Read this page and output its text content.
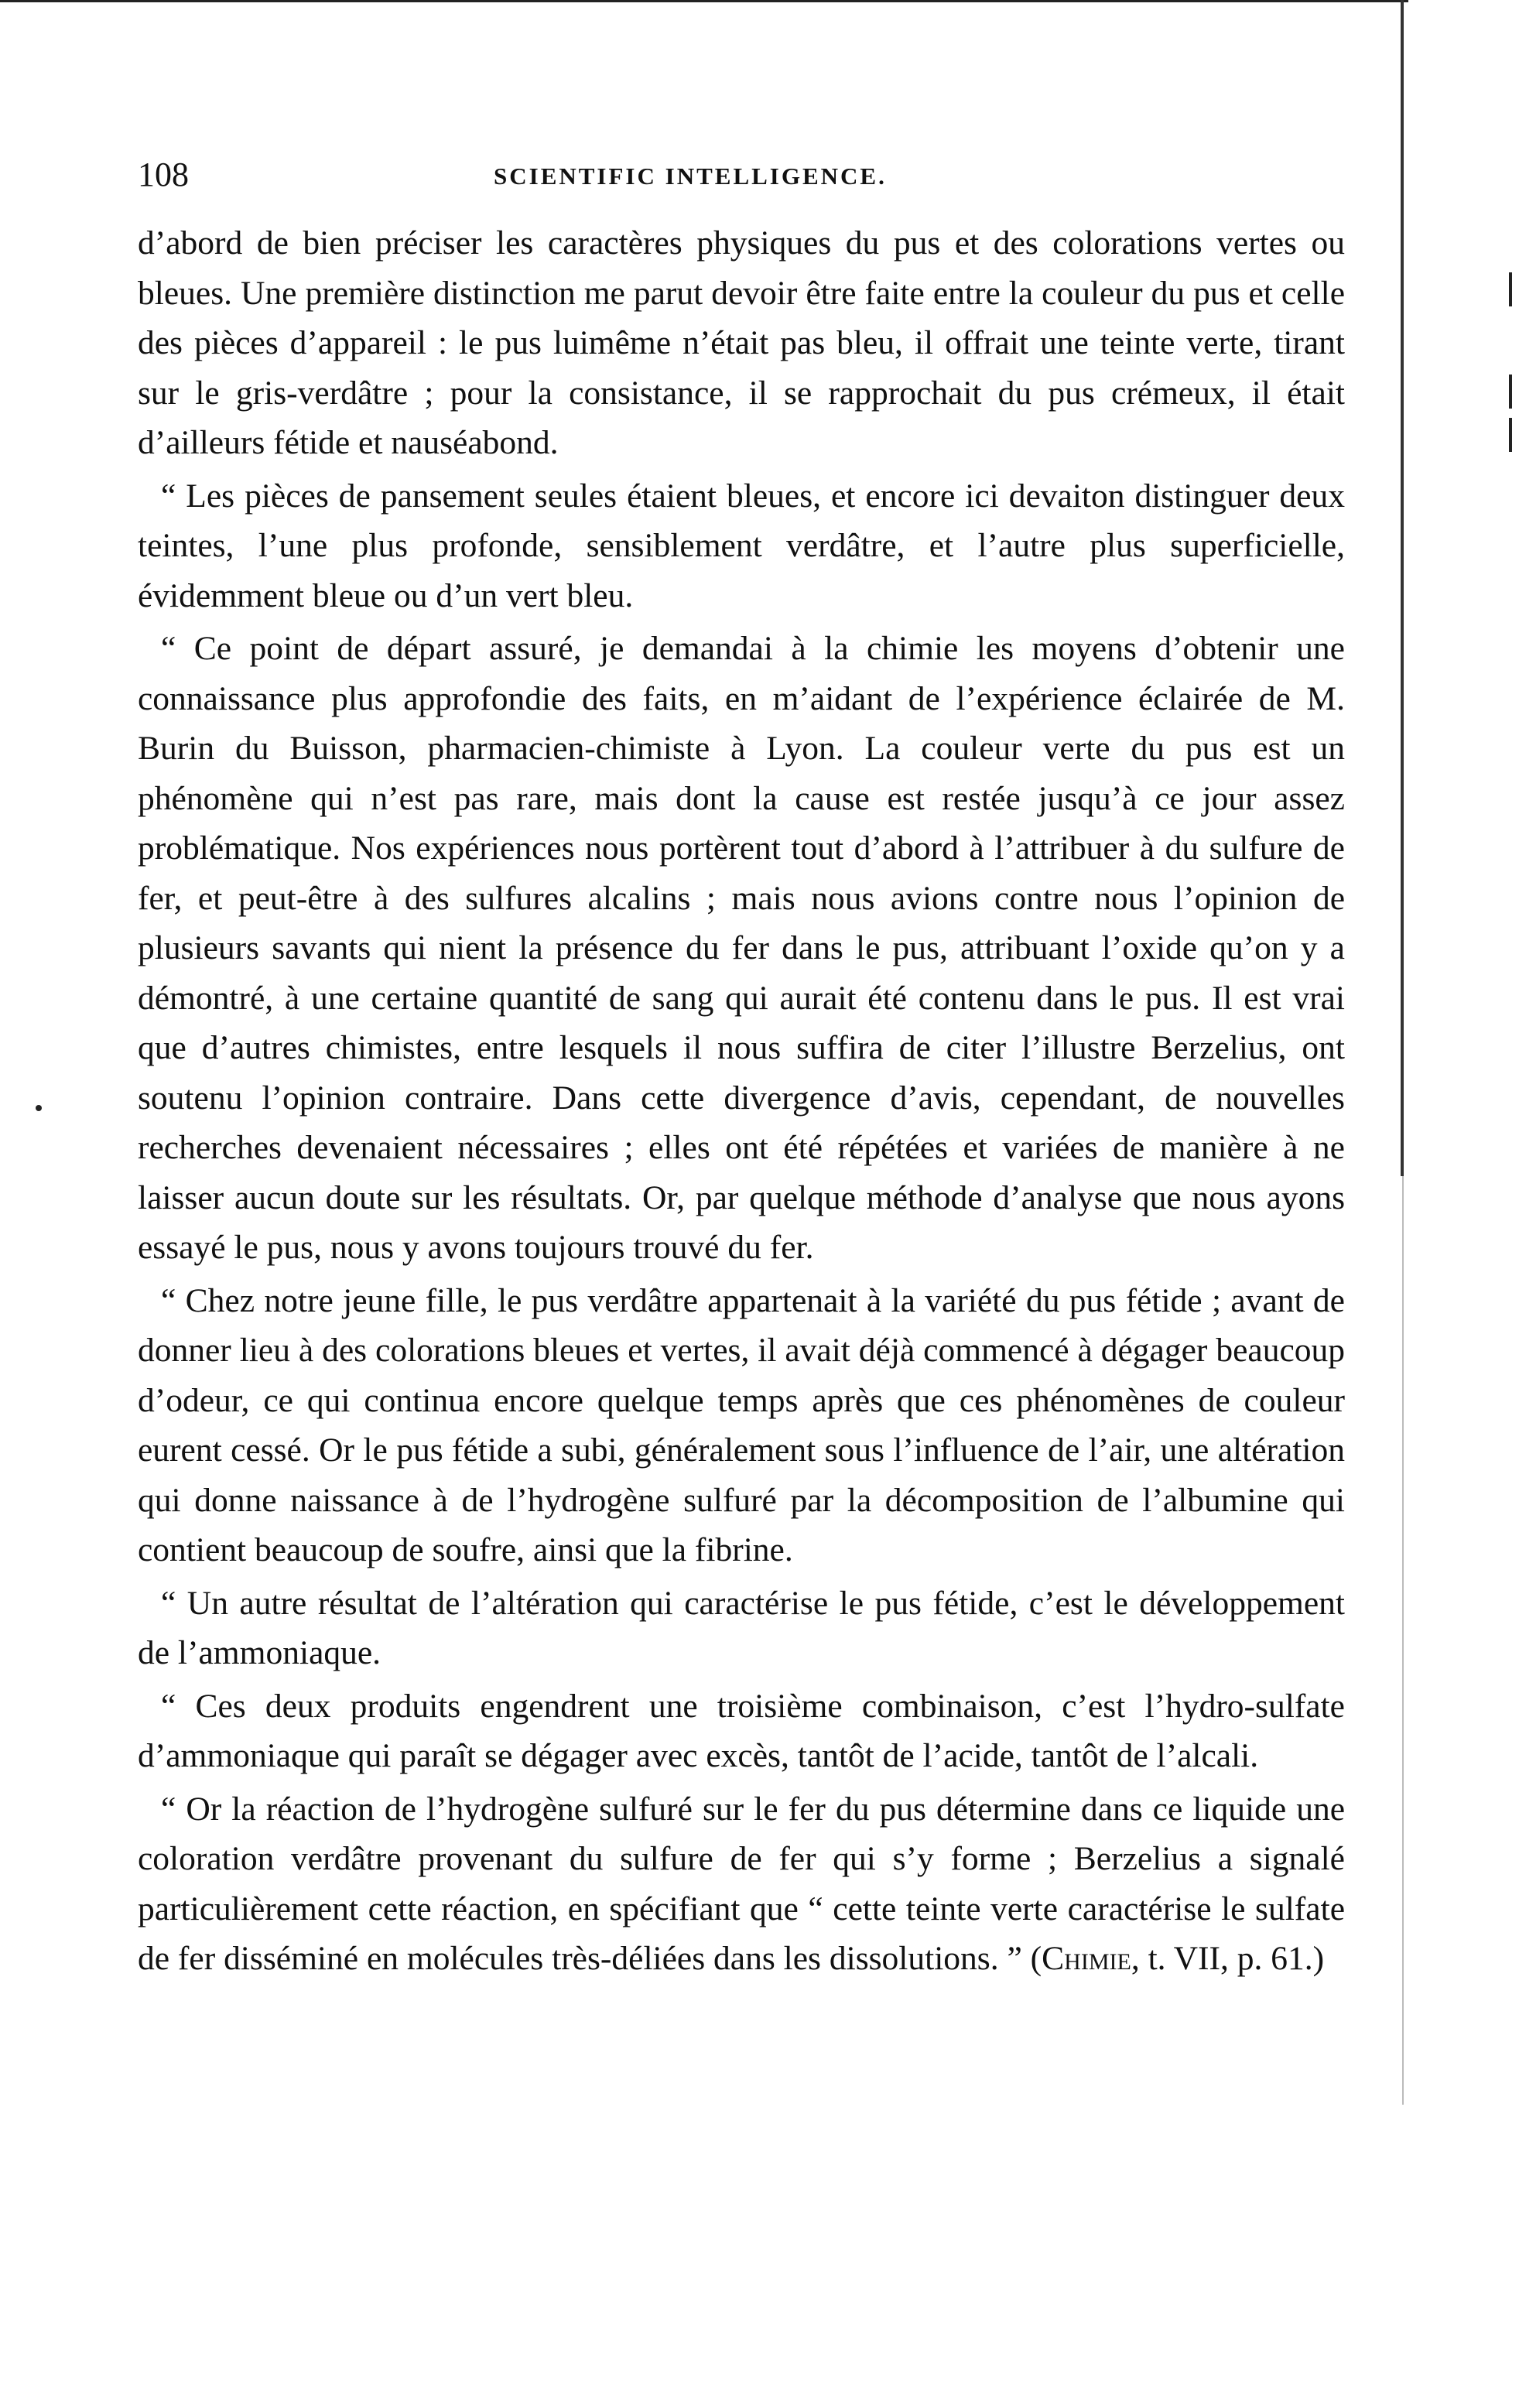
108	SCIENTIFIC INTELLIGENCE.

d’abord de bien préciser les caractères physiques du pus et des colorations vertes ou bleues. Une première distinction me parut devoir être faite entre la couleur du pus et celle des pièces d’appareil : le pus luimême n’était pas bleu, il offrait une teinte verte, tirant sur le gris-verdâtre ; pour la consistance, il se rapprochait du pus crémeux, il était d’ailleurs fétide et nauséabond.

“ Les pièces de pansement seules étaient bleues, et encore ici devaiton distinguer deux teintes, l’une plus profonde, sensiblement verdâtre, et l’autre plus superficielle, évidemment bleue ou d’un vert bleu.

“ Ce point de départ assuré, je demandai à la chimie les moyens d’obtenir une connaissance plus approfondie des faits, en m’aidant de l’expérience éclairée de M. Burin du Buisson, pharmacien-chimiste à Lyon. La couleur verte du pus est un phénomène qui n’est pas rare, mais dont la cause est restée jusqu’à ce jour assez problématique. Nos expériences nous portèrent tout d’abord à l’attribuer à du sulfure de fer, et peut-être à des sulfures alcalins ; mais nous avions contre nous l’opinion de plusieurs savants qui nient la présence du fer dans le pus, attribuant l’oxide qu’on y a démontré, à une certaine quantité de sang qui aurait été contenu dans le pus. Il est vrai que d’autres chimistes, entre lesquels il nous suffira de citer l’illustre Berzelius, ont soutenu l’opinion contraire. Dans cette divergence d’avis, cependant, de nouvelles recherches devenaient nécessaires ; elles ont été répétées et variées de manière à ne laisser aucun doute sur les résultats. Or, par quelque méthode d’analyse que nous ayons essayé le pus, nous y avons toujours trouvé du fer.

“ Chez notre jeune fille, le pus verdâtre appartenait à la variété du pus fétide ; avant de donner lieu à des colorations bleues et vertes, il avait déjà commencé à dégager beaucoup d’odeur, ce qui continua encore quelque temps après que ces phénomènes de couleur eurent cessé. Or le pus fétide a subi, généralement sous l’influence de l’air, une altération qui donne naissance à de l’hydrogène sulfuré par la décomposition de l’albumine qui contient beaucoup de soufre, ainsi que la fibrine.

“ Un autre résultat de l’altération qui caractérise le pus fétide, c’est le développement de l’ammoniaque.

“ Ces deux produits engendrent une troisième combinaison, c’est l’hydro-sulfate d’ammoniaque qui paraît se dégager avec excès, tantôt de l’acide, tantôt de l’alcali.

“ Or la réaction de l’hydrogène sulfuré sur le fer du pus détermine dans ce liquide une coloration verdâtre provenant du sulfure de fer qui s’y forme ; Berzelius a signalé particulièrement cette réaction, en spécifiant que “ cette teinte verte caractérise le sulfate de fer disséminé en molécules très-déliées dans les dissolutions. ” (Chimie, t. VII, p. 61.)
